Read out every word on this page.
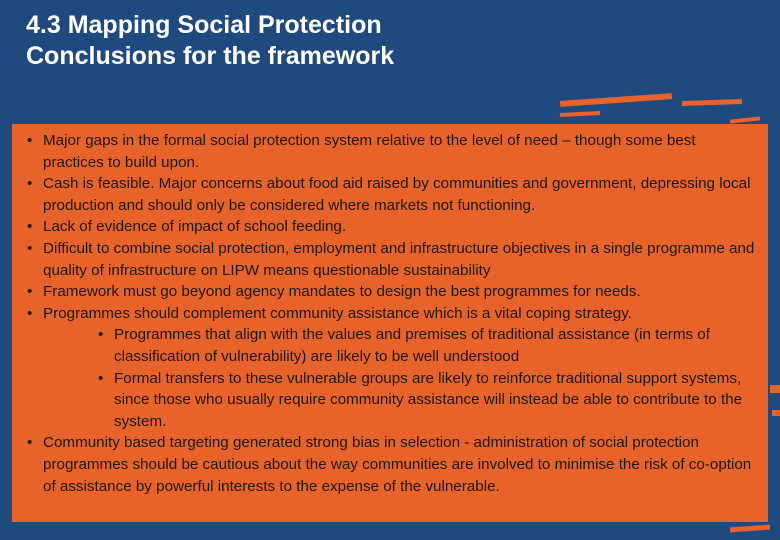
4.3 Mapping Social Protection
Conclusions for the framework
• Major gaps in the formal social protection system relative to the level of need – though some best practices to build upon.
• Cash is feasible. Major concerns about food aid raised by communities and government, depressing local production and should only be considered where markets not functioning.
• Lack of evidence of impact of school feeding.
• Difficult to combine social protection, employment and infrastructure objectives in a single programme and quality of infrastructure on LIPW means questionable sustainability
• Framework must go beyond agency mandates to design the best programmes for needs.
• Programmes should complement community assistance which is a vital coping strategy.
• Programmes that align with the values and premises of traditional assistance (in terms of classification of vulnerability) are likely to be well understood
• Formal transfers to these vulnerable groups are likely to reinforce traditional support systems, since those who usually require community assistance will instead be able to contribute to the system.
• Community based targeting generated strong bias in selection - administration of social protection programmes should be cautious about the way communities are involved to minimise the risk of co-option of assistance by powerful interests to the expense of the vulnerable.
